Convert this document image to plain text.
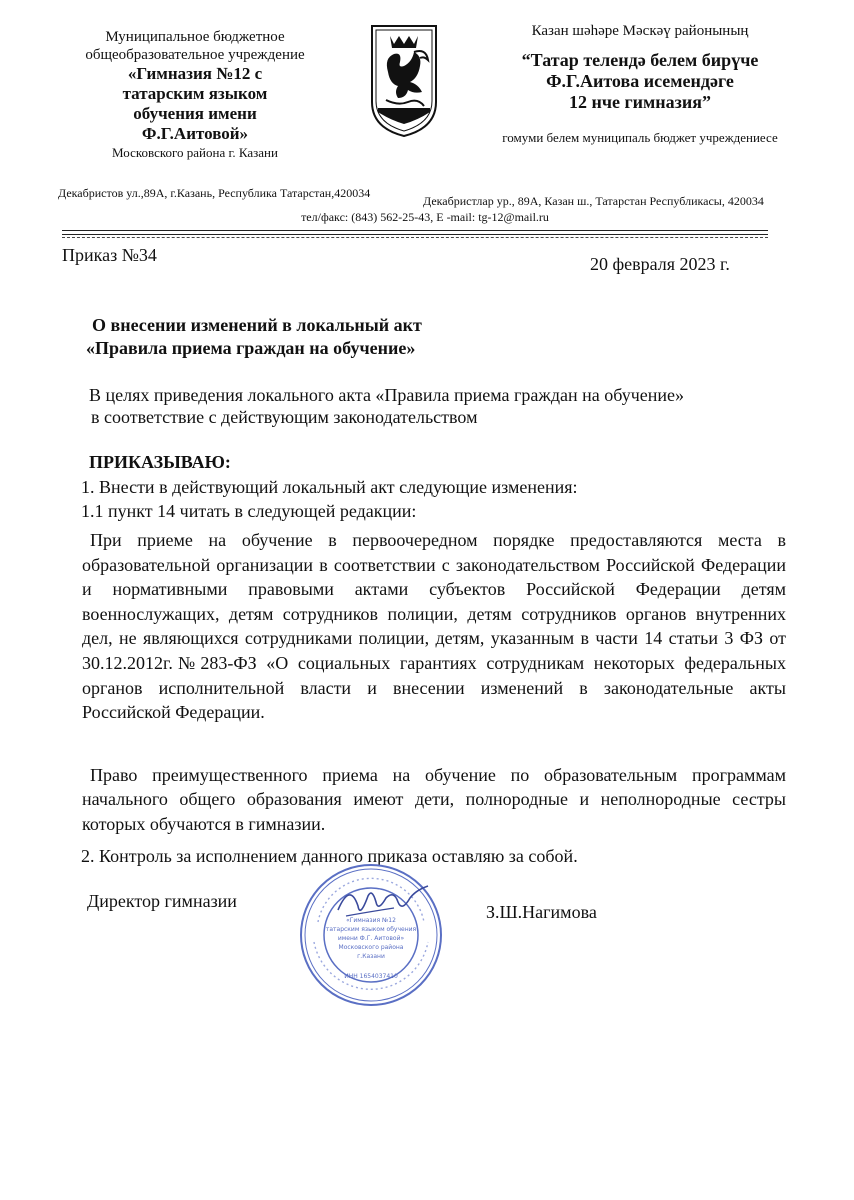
Муниципальное бюджетное
общеобразовательное учреждение
«Гимназия №12 с
татарским языком
обучения имени
Ф.Г.Аитовой»
Московского района г. Казани
Казан шәһәре Мәскәү районының
“Татар телендә белем бирүче
Ф.Г.Аитова исемендәге
12 нче гимназия”
гомуми белем муниципаль бюджет учреждениесе
Декабристов ул.,89А, г.Казань, Республика Татарстан,420034
Декабристлар ур., 89А, Казан ш., Татарстан Республикасы, 420034
тел/факс: (843) 562-25-43, E -mail: tg-12@mail.ru
Приказ №34	20 февраля 2023 г.
О внесении изменений в локальный акт
«Правила приема граждан на обучение»
В целях приведения локального акта «Правила приема граждан на обучение»
в соответствие с действующим законодательством
ПРИКАЗЫВАЮ:
1. Внести в действующий локальный акт следующие изменения:
1.1 пункт 14 читать в следующей редакции:
При приеме на обучение в первоочередном порядке предоставляются места в образовательной организации в соответствии с законодательством Российской Федерации и нормативными правовыми актами субъектов Российской Федерации детям военнослужащих, детям сотрудников полиции, детям сотрудников органов внутренних дел, не являющихся сотрудниками полиции, детям, указанным в части 14 статьи 3 ФЗ от 30.12.2012г.№283-ФЗ «О социальных гарантиях сотрудникам некоторых федеральных органов исполнительной власти и внесении изменений в законодательные акты Российской Федерации.
Право преимущественного приема на обучение по образовательным программам начального общего образования имеют дети, полнородные и неполнородные сестры которых обучаются в гимназии.
2. Контроль за исполнением данного приказа оставляю за собой.
Директор гимназии
З.Ш.Нагимова
«Гимназия №12
татарским языком обучения
имени Ф.Г. Аитовой»
Московского района
г.Казани
ИНН 1654037410
